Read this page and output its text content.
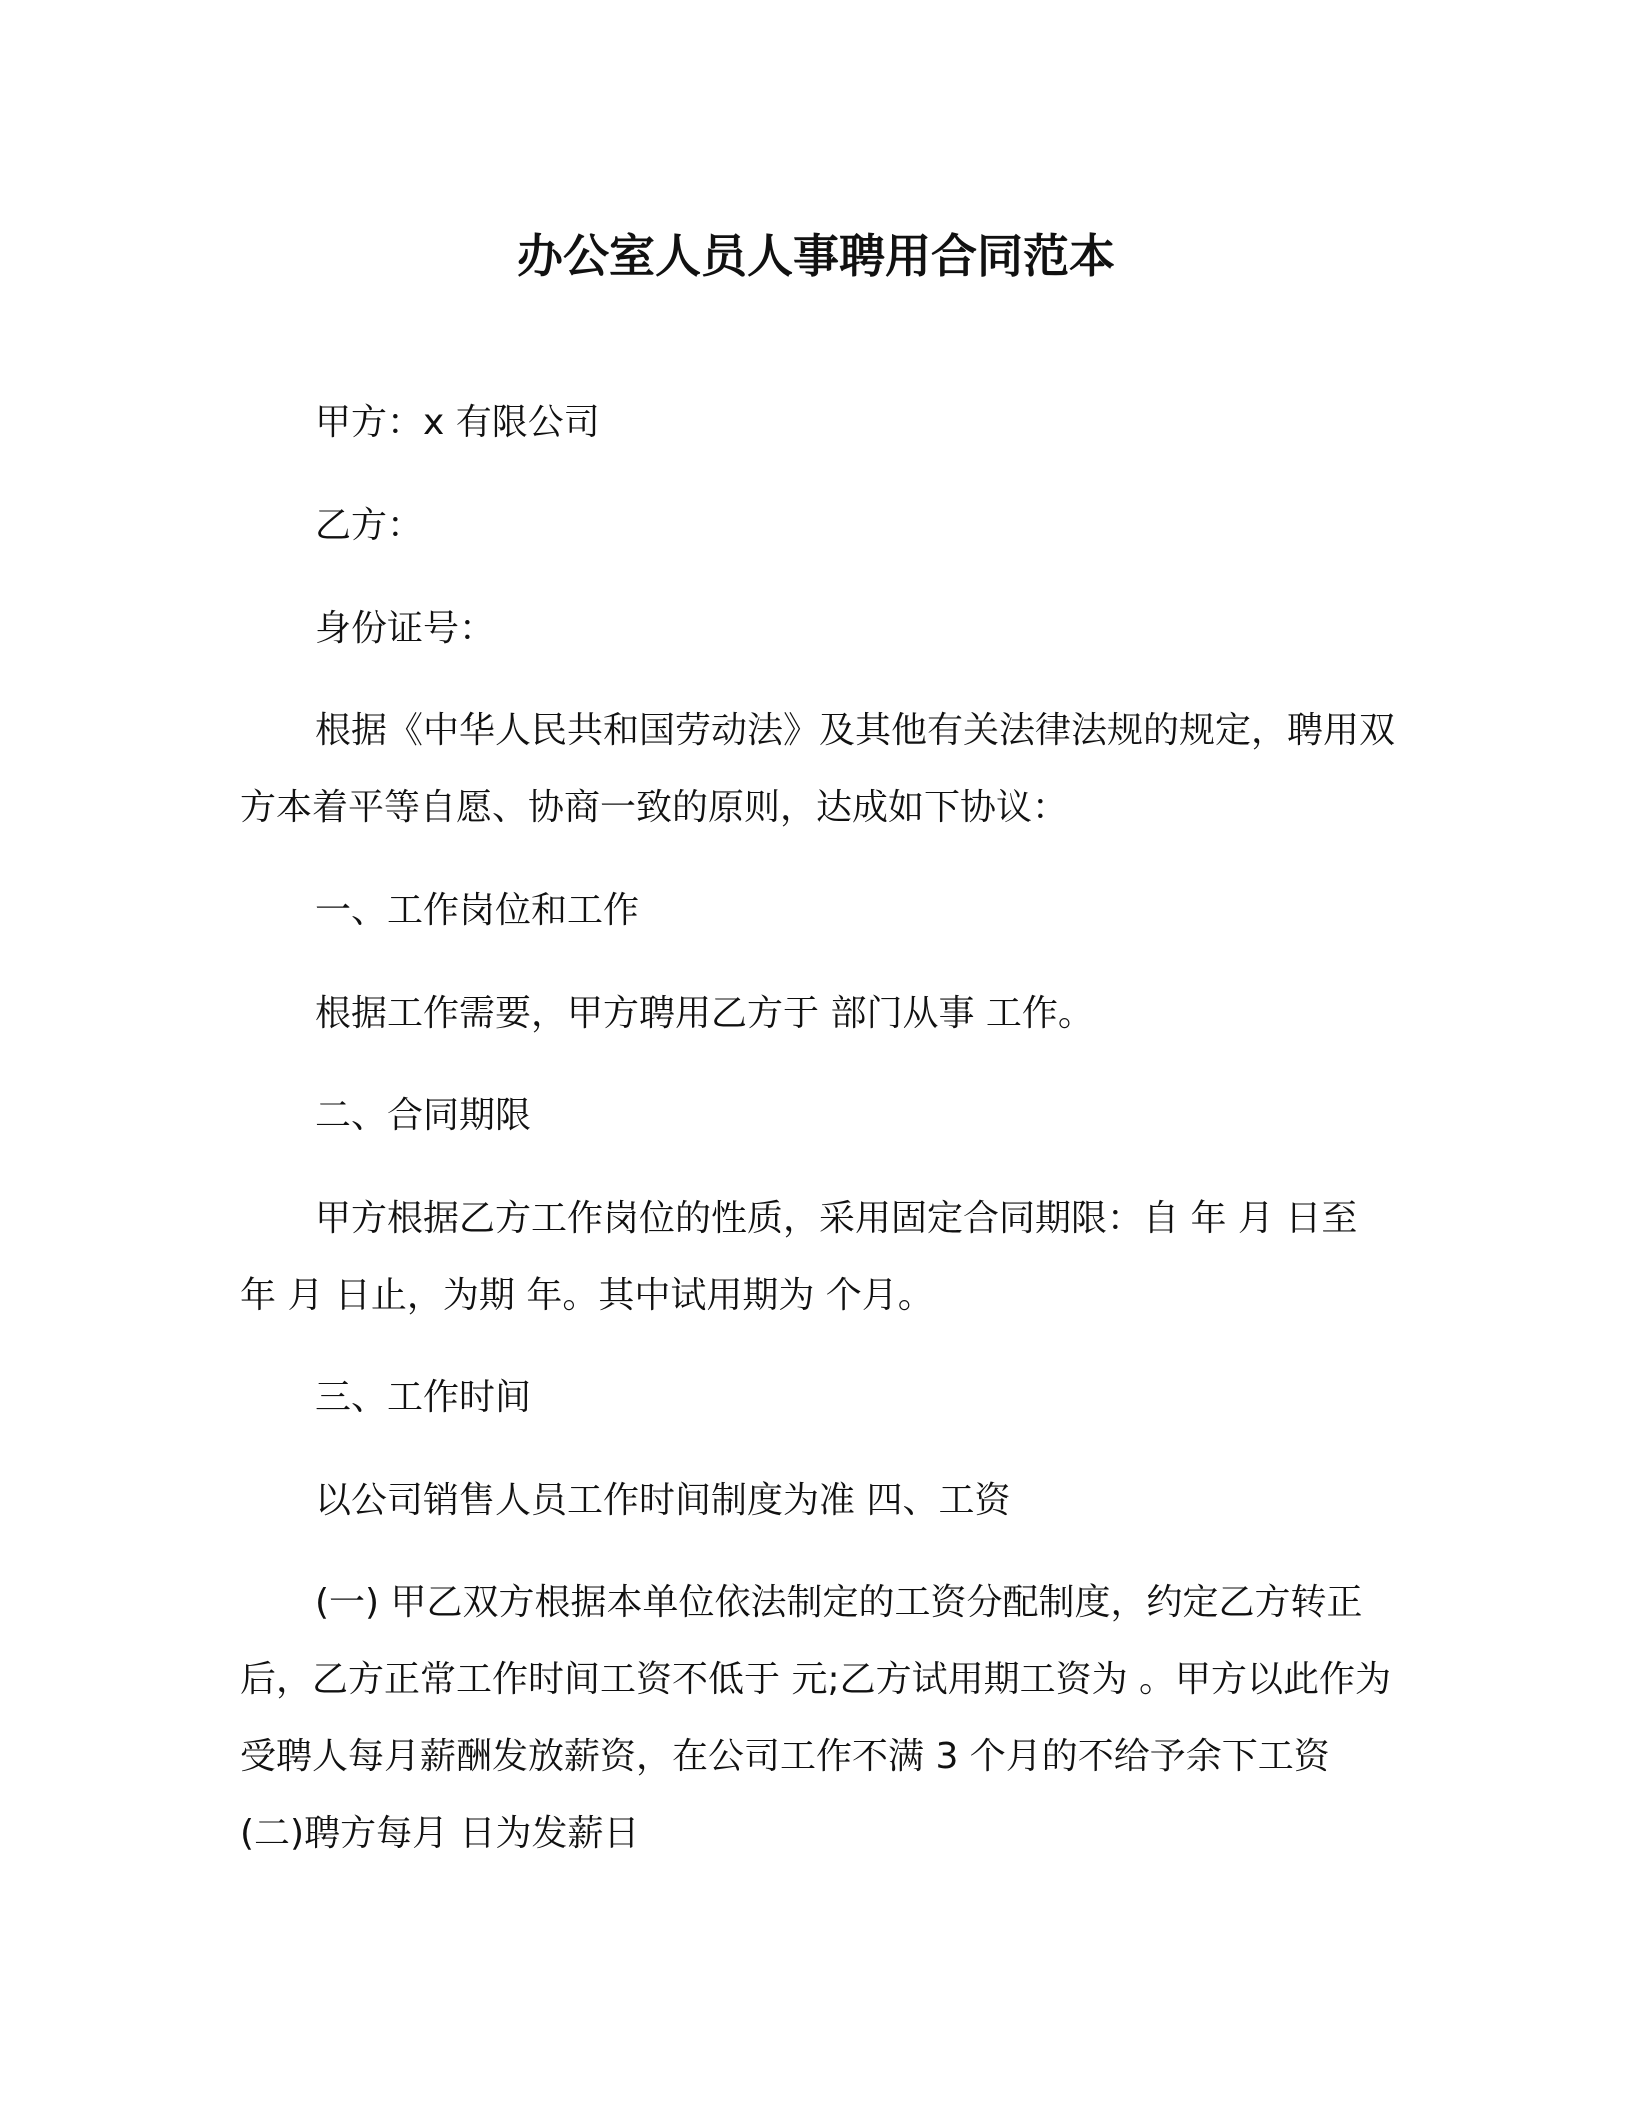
办公室人员人事聘用合同范本

甲方：x 有限公司

乙方：

身份证号：

根据《中华人民共和国劳动法》及其他有关法律法规的规定，聘用双方本着平等自愿、协商一致的原则，达成如下协议：

一、工作岗位和工作

根据工作需要，甲方聘用乙方于 部门从事 工作。

二、合同期限

甲方根据乙方工作岗位的性质，采用固定合同期限：自 年 月 日至 年 月 日止，为期 年。其中试用期为 个月。

三、工作时间

以公司销售人员工作时间制度为准 四、工资

(一) 甲乙双方根据本单位依法制定的工资分配制度，约定乙方转正后，乙方正常工作时间工资不低于 元;乙方试用期工资为 。甲方以此作为受聘人每月薪酬发放薪资，在公司工作不满 3 个月的不给予余下工资 (二)聘方每月 日为发薪日
